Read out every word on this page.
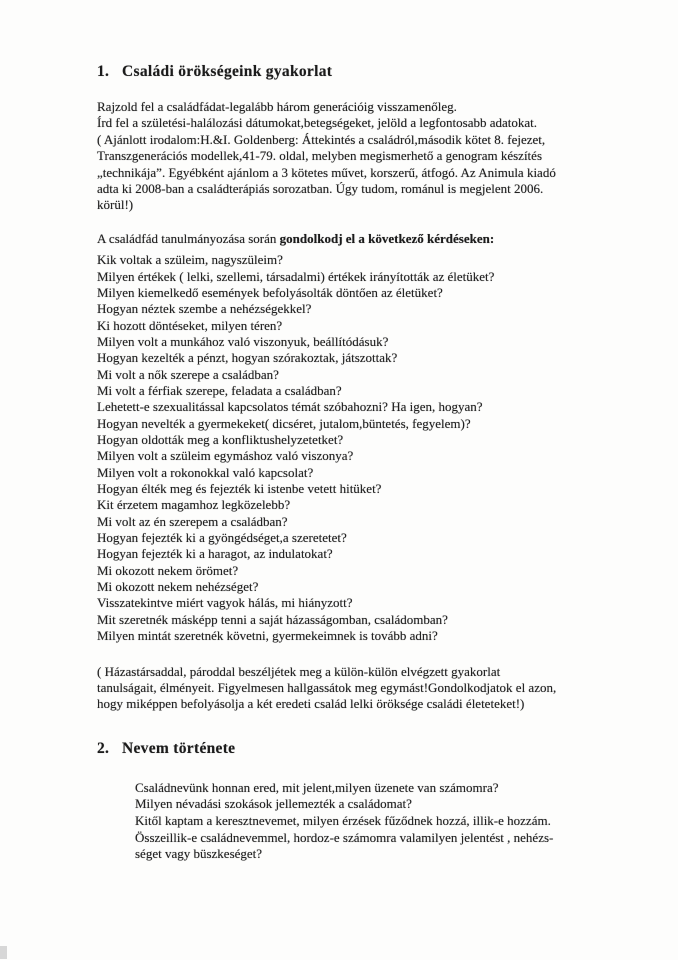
1. Családi örökségeink gyakorlat
Rajzold fel a családfádat-legalább három generációig visszamenőleg.
Írd fel a születési-halálozási dátumokat,betegségeket, jelöld a legfontosabb adatokat.
( Ajánlott irodalom:H.&I. Goldenberg: Áttekintés a családról,második kötet 8. fejezet,
Transzgenerációs modellek,41-79. oldal, melyben megismerhető a genogram készítés
„technikája”. Egyébként ajánlom a 3 kötetes művet, korszerű, átfogó. Az Animula kiadó
adta ki 2008-ban a családterápiás sorozatban. Úgy tudom, románul is megjelent 2006.
körül!)

A családfád tanulmányozása során gondolkodj el a következő kérdéseken:

Kik voltak a szüleim, nagyszüleim?
Milyen értékek ( lelki, szellemi, társadalmi) értékek irányították az életüket?
Milyen kiemelkedő események befolyásolták döntően az életüket?
Hogyan néztek szembe a nehézségekkel?
Ki hozott döntéseket, milyen téren?
Milyen volt a munkához való viszonyuk, beállítódásuk?
Hogyan kezelték a pénzt, hogyan szórakoztak, játszottak?
Mi volt a nők szerepe a családban?
Mi volt a férfiak szerepe, feladata a családban?
Lehetett-e szexualitással kapcsolatos témát szóbahozni? Ha igen, hogyan?
Hogyan nevelték a gyermekeket( dicséret, jutalom,büntetés, fegyelem)?
Hogyan oldották meg a konfliktushelyzetetket?
Milyen volt a szüleim egymáshoz való viszonya?
Milyen volt a rokonokkal való kapcsolat?
Hogyan élték meg és fejezték ki istenbe vetett hitüket?
Kit érzetem magamhoz legközelebb?
Mi volt az én szerepem a családban?
Hogyan fejezték ki a gyöngédséget,a szeretetet?
Hogyan fejezték ki a haragot, az indulatokat?
Mi okozott nekem örömet?
Mi okozott nekem nehézséget?
Visszatekintve miért vagyok hálás, mi hiányzott?
Mit szeretnék másképp tenni a saját házasságomban, családomban?
Milyen mintát szeretnék követni, gyermekeimnek is tovább adni?
( Házastársaddal, pároddal beszéljétek meg a külön-külön elvégzett gyakorlat
tanulságait, élményeit. Figyelmesen hallgassátok meg egymást!Gondolkodjatok el azon,
hogy miképpen befolyásolja a két eredeti család lelki öröksége családi életeteket!)
2. Nevem története
Családnevünk honnan ered, mit jelent,milyen üzenete van számomra?
Milyen névadási szokások jellemezték a családomat?
Kitől kaptam a keresztnevemet, milyen érzések fűződnek hozzá, illik-e hozzám.
Összeillik-e családnevemmel, hordoz-e számomra valamilyen jelentést , nehézs-
séget vagy büszkeséget?
